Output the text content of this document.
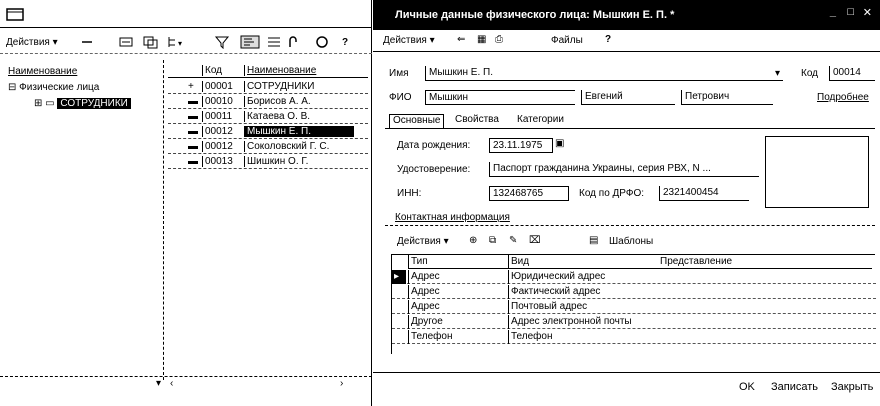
Действия ▾	▾	?
Наименование
⊟
Физические лица
⊞
▭
СОТРУДНИКИ
Код	Наименование
+	00001	СОТРУДНИКИ
▬ 00010	Борисов А. А.
▬ 00011	Катаева О. В.
▬ 00012	Мышкин Е. П.
▬ 00012	Соколовский Г. С.
▬ 00013	Шишкин О. Г.
▾ ‹	›
Личные данные физического лица: Мышкин Е. П. *	_ □ ✕
Действия ▾ ⇐ ▦ ⎙	Файлы ?
Имя	Мышкин Е. П.	▾ Код	00014
ФИО	Мышкин	Евгений	Петрович	Подробнее
Основные	Свойства Категории
Дата рождения:	23.11.1975	▣
Удостоверение:	Паспорт гражданина Украины, серия РВХ, N ...
ИНН:	132468765	Код по ДРФО:	2321400454
Контактная информация
Действия ▾ ⊕ ⧉ ✎ ⌧	▤ Шаблоны
Тип	Вид	Представление
▸	Адрес	Юридический адрес
Адрес	Фактический адрес
Адрес	Почтовый адрес
Другое	Адрес электронной почты
Телефон	Телефон
OK Записать Закрыть
